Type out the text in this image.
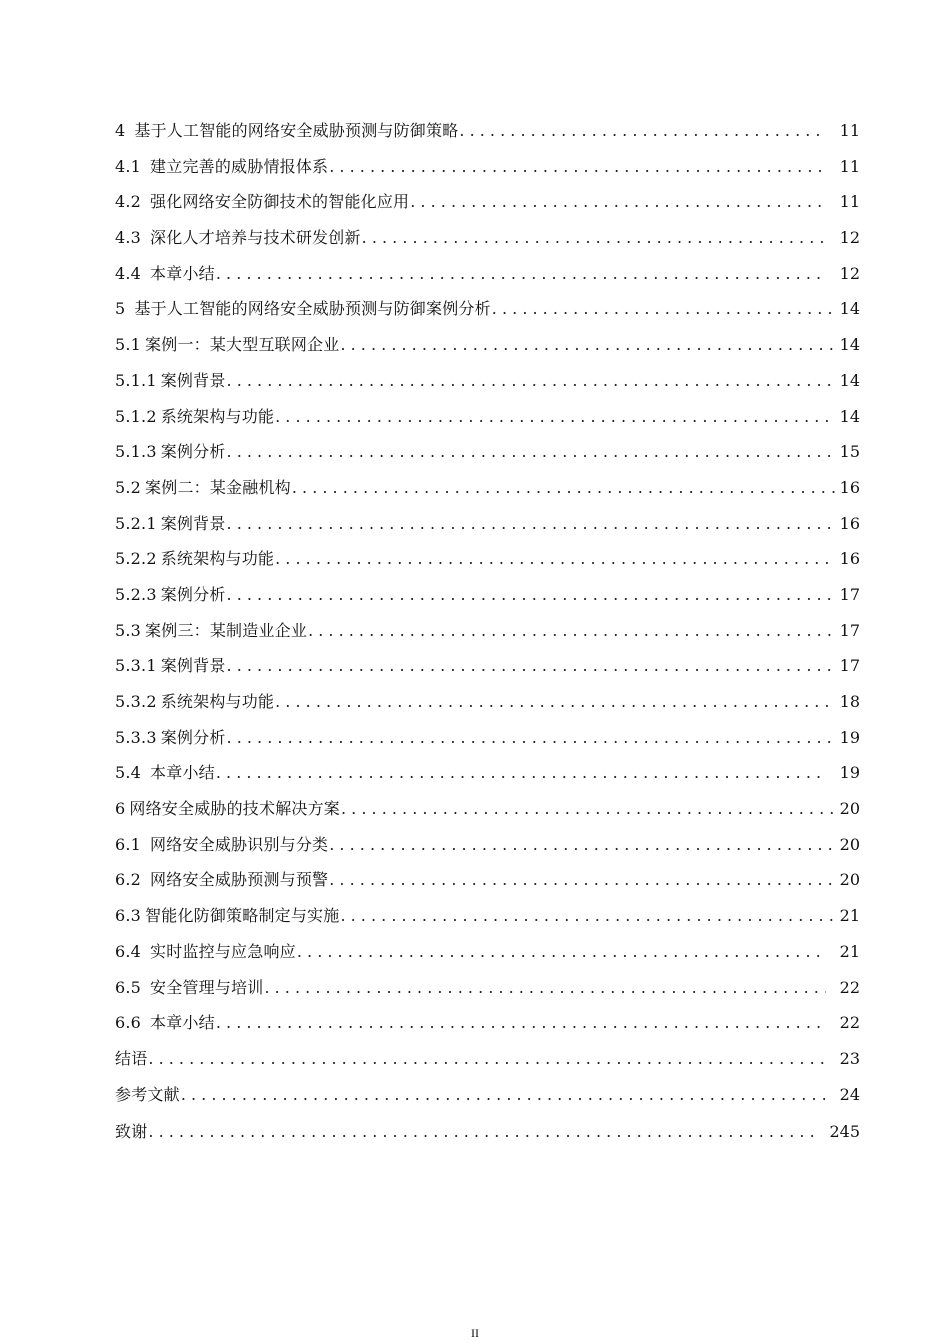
4 基于人工智能的网络安全威胁预测与防御策略 . . .	11
4.1 建立完善的威胁情报体系 . . .	11
4.2 强化网络安全防御技术的智能化应用 . . .	11
4.3 深化人才培养与技术研发创新 . . .	12
4.4 本章小结 . . .	12
5 基于人工智能的网络安全威胁预测与防御案例分析 . . .	14
5.1 案例一：某大型互联网企业 . . .	14
5.1.1 案例背景 . . .	14
5.1.2 系统架构与功能 . . .	14
5.1.3 案例分析 . . .	15
5.2 案例二：某金融机构 . . .	16
5.2.1 案例背景 . . .	16
5.2.2 系统架构与功能 . . .	16
5.2.3 案例分析 . . .	17
5.3 案例三：某制造业企业 . . .	17
5.3.1 案例背景 . . .	17
5.3.2 系统架构与功能 . . .	18
5.3.3 案例分析 . . .	19
5.4 本章小结 . . .	19
6 网络安全威胁的技术解决方案 . . .	20
6.1 网络安全威胁识别与分类 . . .	20
6.2 网络安全威胁预测与预警 . . .	20
6.3 智能化防御策略制定与实施 . . .	21
6.4 实时监控与应急响应 . . .	21
6.5 安全管理与培训 . . .	22
6.6 本章小结 . . .	22
结语 . . .	23
参考文献 . . .	24
致谢 . . .	245
II
